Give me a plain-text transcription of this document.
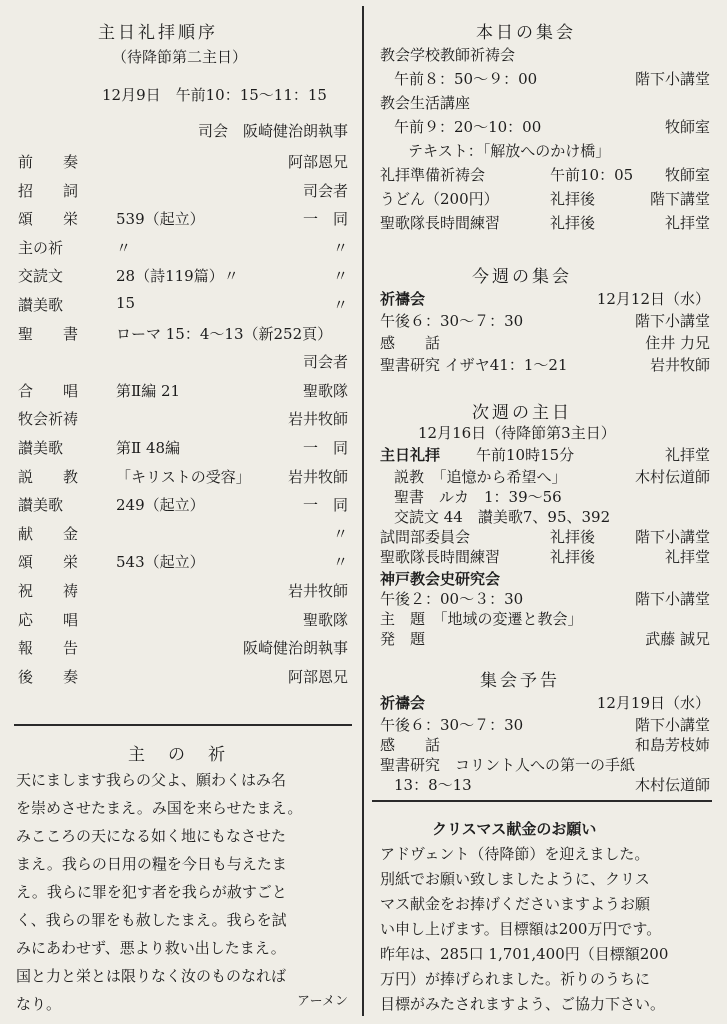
主日礼拝順序
（待降節第二主日）
12月9日　午前10：15〜11：15
司会　阪崎健治朗執事
前　　奏	阿部恩兄
招　　詞	司会者
頌　　栄	539（起立）	一　同
主の祈	〃	〃
交読文	28（詩119篇）〃	〃
讃美歌	15	〃
聖　　書	ローマ 15：4〜13（新252頁）
司会者
合　　唱	第Ⅱ編 21	聖歌隊
牧会祈祷	岩井牧師
讃美歌	第Ⅱ 48編	一　同
説　　教	「キリストの受容」 岩井牧師
讃美歌	249（起立）	一　同
献　　金	〃
頌　　栄	543（起立）	〃
祝　　祷	岩井牧師
応　　唱	聖歌隊
報　　告	阪崎健治朗執事
後　　奏	阿部恩兄
主　の　祈
天にまします我らの父よ、願わくはみ名
を崇めさせたまえ。み国を来らせたまえ。
みこころの天になる如く地にもなさせた
まえ。我らの日用の糧を今日も与えたま
え。我らに罪を犯す者を我らが赦すごと
く、我らの罪をも赦したまえ。我らを試
みにあわせず、悪より救い出したまえ。
国と力と栄とは限りなく汝のものなれば
なり。	アーメン
本日の集会
教会学校教師祈祷会
午前８：50〜９：00	階下小講堂
教会生活講座
午前９：20〜10：00	牧師室
テキスト：「解放へのかけ橋」
礼拝準備祈祷会	午前10：05 牧師室
うどん（200円）	礼拝後	階下講堂
聖歌隊長時間練習	礼拝後	礼拝堂
今週の集会
祈禱会	12月12日（水）
午後６：30〜７：30	階下小講堂
感　　話	住井 力兄
聖書研究 イザヤ41：1〜21	岩井牧師
次週の主日
12月16日（待降節第3主日）
主日礼拝 午前10時15分	礼拝堂
説教　「追憶から希望へ」	木村伝道師
聖書　ルカ　1：39〜56
交読文 44　讃美歌7、95、392
試問部委員会	礼拝後	階下小講堂
聖歌隊長時間練習	礼拝後	礼拝堂
神戸教会史研究会
午後２：00〜３：30	階下小講堂
主　題　「地域の変遷と教会」
発　題	武藤 誠兄
集会予告
祈禱会	12月19日（水）
午後６：30〜７：30	階下小講堂
感　　話	和島芳枝姉
聖書研究　コリント人への第一の手紙
13：8〜13	木村伝道師
クリスマス献金のお願い
アドヴェント（待降節）を迎えました。
別紙でお願い致しましたように、クリス
マス献金をお捧げくださいますようお願
い申し上げます。目標額は200万円です。
昨年は、285口 1,701,400円（目標額200
万円）が捧げられました。祈りのうちに
目標がみたされますよう、ご協力下さい。
